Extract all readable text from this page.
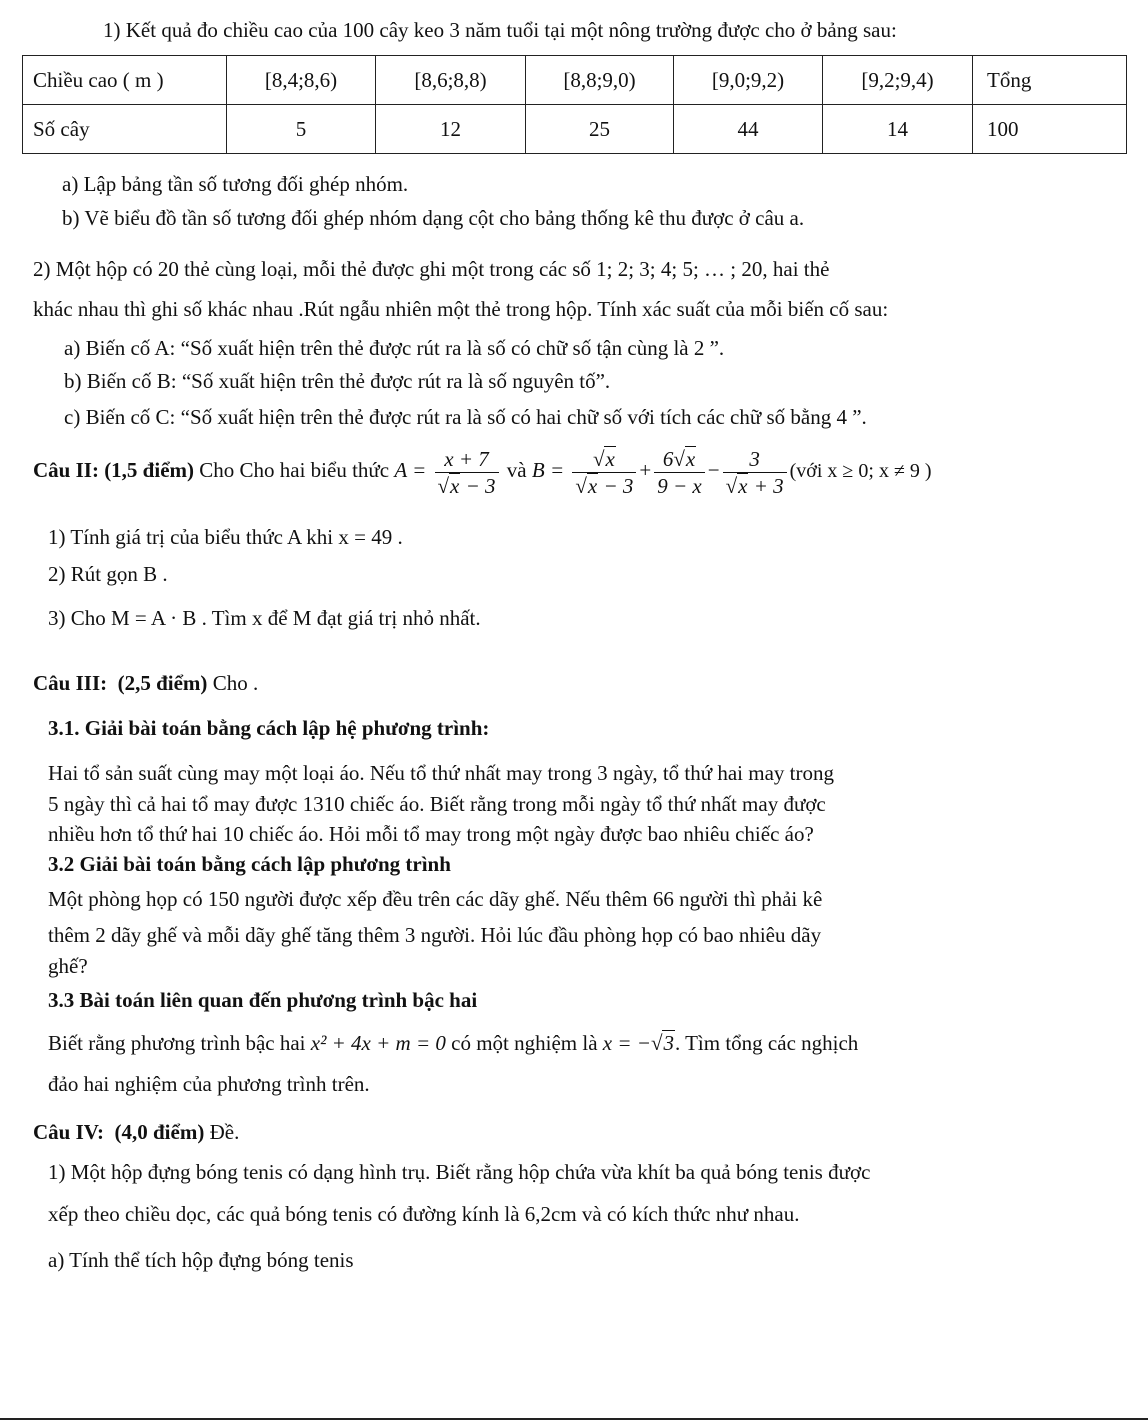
1) Kết quả đo chiều cao của 100 cây keo 3 năm tuổi tại một nông trường được cho ở bảng sau:
Chiều cao ( m )	[8,4;8,6)	[8,6;8,8)	[8,8;9,0)	[9,0;9,2)	[9,2;9,4)	Tổng
Số cây	5	12	25	44	14	100
a) Lập bảng tần số tương đối ghép nhóm.
b) Vẽ biểu đồ tần số tương đối ghép nhóm dạng cột cho bảng thống kê thu được ở câu a.
2) Một hộp có 20 thẻ cùng loại, mỗi thẻ được ghi một trong các số 1; 2; 3; 4; 5; … ; 20, hai thẻ
khác nhau thì ghi số khác nhau .Rút ngẫu nhiên một thẻ trong hộp. Tính xác suất của mỗi biến cố sau:
a) Biến cố A: “Số xuất hiện trên thẻ được rút ra là số có chữ số tận cùng là 2 ”.
b) Biến cố B: “Số xuất hiện trên thẻ được rút ra là số nguyên tố”.
c) Biến cố C: “Số xuất hiện trên thẻ được rút ra là số có hai chữ số với tích các chữ số bằng 4 ”.
Câu II: (1,5 điểm) Cho Cho hai biểu thức $A = \frac{x + 7}{√x - 3}$ và $B = \frac{√x}{√x - 3} + \frac{6√x}{9 - x} - \frac{3}{√x + 3}$ (với x ≥ 0; x ≠ 9 )
1) Tính giá trị của biểu thức A khi x = 49 .
2) Rút gọn B .
3) Cho M = A · B . Tìm x để M đạt giá trị nhỏ nhất.
Câu III: (2,5 điểm) Cho .
3.1. Giải bài toán bằng cách lập hệ phương trình:
Hai tổ sản suất cùng may một loại áo. Nếu tổ thứ nhất may trong 3 ngày, tổ thứ hai may trong
5 ngày thì cả hai tổ may được 1310 chiếc áo. Biết rằng trong mỗi ngày tổ thứ nhất may được
nhiều hơn tổ thứ hai 10 chiếc áo. Hỏi mỗi tổ may trong một ngày được bao nhiêu chiếc áo?
3.2 Giải bài toán bằng cách lập phương trình
Một phòng họp có 150 người được xếp đều trên các dãy ghế. Nếu thêm 66 người thì phải kê
thêm 2 dãy ghế và mỗi dãy ghế tăng thêm 3 người. Hỏi lúc đầu phòng họp có bao nhiêu dãy
ghế?
3.3 Bài toán liên quan đến phương trình bậc hai
Biết rằng phương trình bậc hai x² + 4x + m = 0 có một nghiệm là x = −√3. Tìm tổng các nghịch
đảo hai nghiệm của phương trình trên.
Câu IV: (4,0 điểm) Đề.
1) Một hộp đựng bóng tenis có dạng hình trụ. Biết rằng hộp chứa vừa khít ba quả bóng tenis được
xếp theo chiều dọc, các quả bóng tenis có đường kính là 6,2cm và có kích thức như nhau.
a) Tính thể tích hộp đựng bóng tenis
